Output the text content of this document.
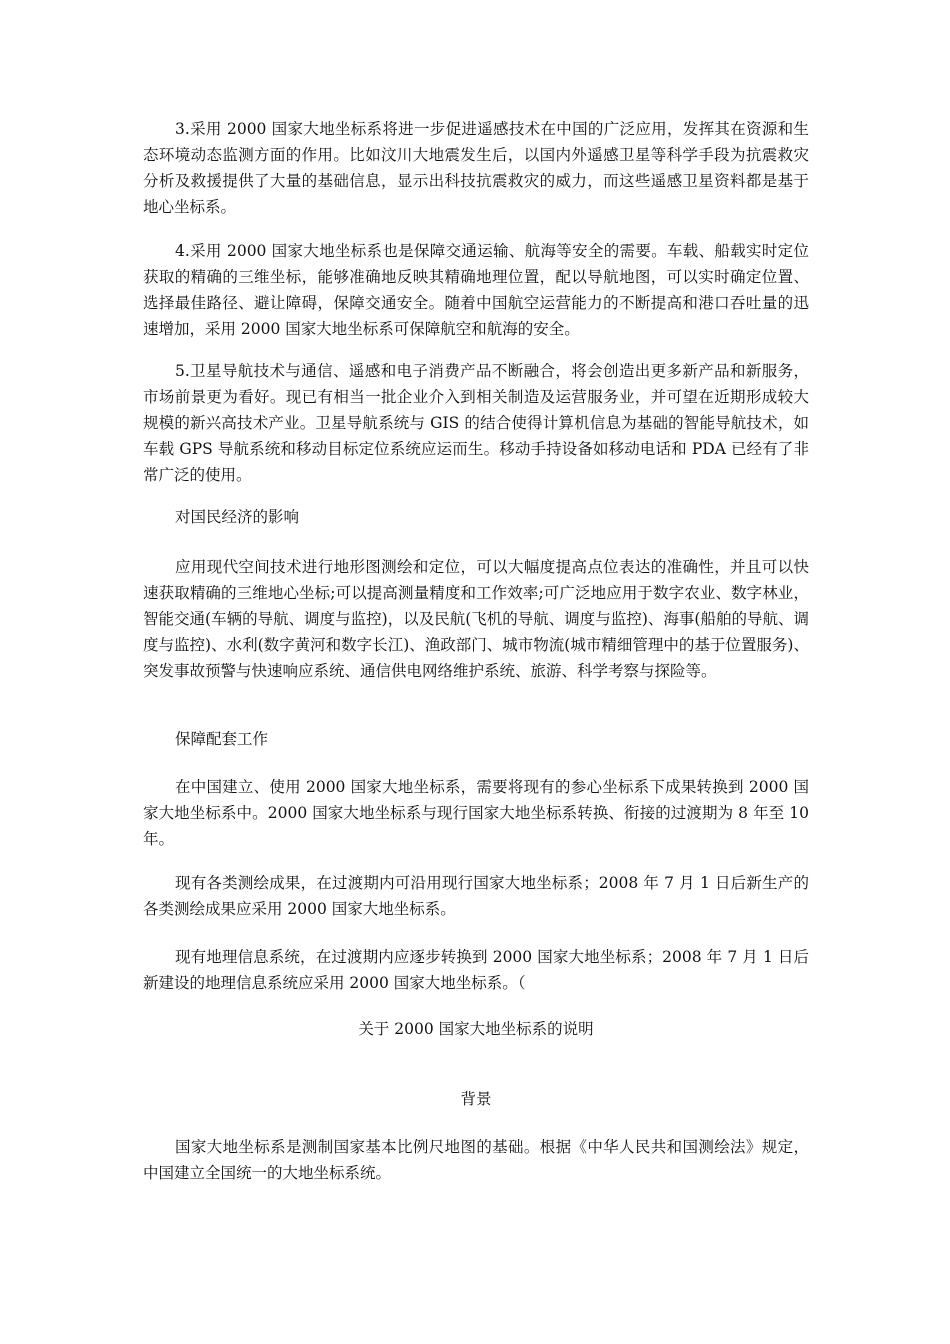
3.采用 2000 国家大地坐标系将进一步促进遥感技术在中国的广泛应用，发挥其在资源和生态环境动态监测方面的作用。比如汶川大地震发生后，以国内外遥感卫星等科学手段为抗震救灾分析及救援提供了大量的基础信息，显示出科技抗震救灾的威力，而这些遥感卫星资料都是基于地心坐标系。

4.采用 2000 国家大地坐标系也是保障交通运输、航海等安全的需要。车载、船载实时定位获取的精确的三维坐标，能够准确地反映其精确地理位置，配以导航地图，可以实时确定位置、选择最佳路径、避让障碍，保障交通安全。随着中国航空运营能力的不断提高和港口吞吐量的迅速增加，采用 2000 国家大地坐标系可保障航空和航海的安全。

5.卫星导航技术与通信、遥感和电子消费产品不断融合，将会创造出更多新产品和新服务，市场前景更为看好。现已有相当一批企业介入到相关制造及运营服务业，并可望在近期形成较大规模的新兴高技术产业。卫星导航系统与 GIS 的结合使得计算机信息为基础的智能导航技术，如车载 GPS 导航系统和移动目标定位系统应运而生。移动手持设备如移动电话和 PDA 已经有了非常广泛的使用。

对国民经济的影响

应用现代空间技术进行地形图测绘和定位，可以大幅度提高点位表达的准确性，并且可以快速获取精确的三维地心坐标;可以提高测量精度和工作效率;可广泛地应用于数字农业、数字林业，智能交通(车辆的导航、调度与监控)，以及民航(飞机的导航、调度与监控)、海事(船舶的导航、调度与监控)、水利(数字黄河和数字长江)、渔政部门、城市物流(城市精细管理中的基于位置服务)、突发事故预警与快速响应系统、通信供电网络维护系统、旅游、科学考察与探险等。

保障配套工作

在中国建立、使用 2000 国家大地坐标系，需要将现有的参心坐标系下成果转换到 2000 国家大地坐标系中。2000 国家大地坐标系与现行国家大地坐标系转换、衔接的过渡期为 8 年至 10 年。

现有各类测绘成果，在过渡期内可沿用现行国家大地坐标系；2008 年 7 月 1 日后新生产的各类测绘成果应采用 2000 国家大地坐标系。

现有地理信息系统，在过渡期内应逐步转换到 2000 国家大地坐标系；2008 年 7 月 1 日后新建设的地理信息系统应采用 2000 国家大地坐标系。（

关于 2000 国家大地坐标系的说明

背景

国家大地坐标系是测制国家基本比例尺地图的基础。根据《中华人民共和国测绘法》规定，中国建立全国统一的大地坐标系统。
